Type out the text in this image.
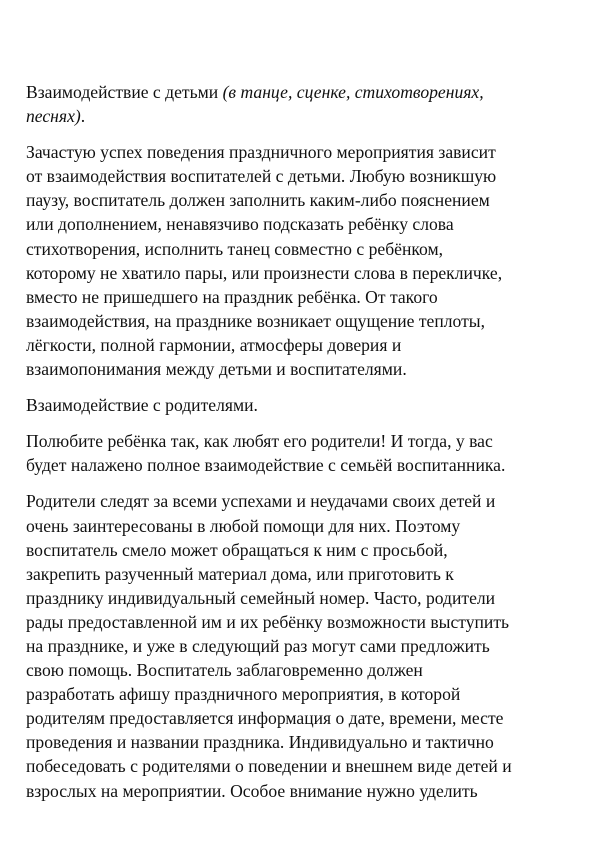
Взаимодействие с детьми (в танце, сценке, стихотворениях,
песнях).

Зачастую успех поведения праздничного мероприятия зависит
от взаимодействия воспитателей с детьми. Любую возникшую
паузу, воспитатель должен заполнить каким-либо пояснением
или дополнением, ненавязчиво подсказать ребёнку слова
стихотворения, исполнить танец совместно с ребёнком,
которому не хватило пары, или произнести слова в перекличке,
вместо не пришедшего на праздник ребёнка. От такого
взаимодействия, на празднике возникает ощущение теплоты,
лёгкости, полной гармонии, атмосферы доверия и
взаимопонимания между детьми и воспитателями.

Взаимодействие с родителями.

Полюбите ребёнка так, как любят его родители! И тогда, у вас
будет налажено полное взаимодействие с семьёй воспитанника.

Родители следят за всеми успехами и неудачами своих детей и
очень заинтересованы в любой помощи для них. Поэтому
воспитатель смело может обращаться к ним с просьбой,
закрепить разученный материал дома, или приготовить к
празднику индивидуальный семейный номер. Часто, родители
рады предоставленной им и их ребёнку возможности выступить
на празднике, и уже в следующий раз могут сами предложить
свою помощь. Воспитатель заблаговременно должен
разработать афишу праздничного мероприятия, в которой
родителям предоставляется информация о дате, времени, месте
проведения и названии праздника. Индивидуально и тактично
побеседовать с родителями о поведении и внешнем виде детей и
взрослых на мероприятии. Особое внимание нужно уделить
